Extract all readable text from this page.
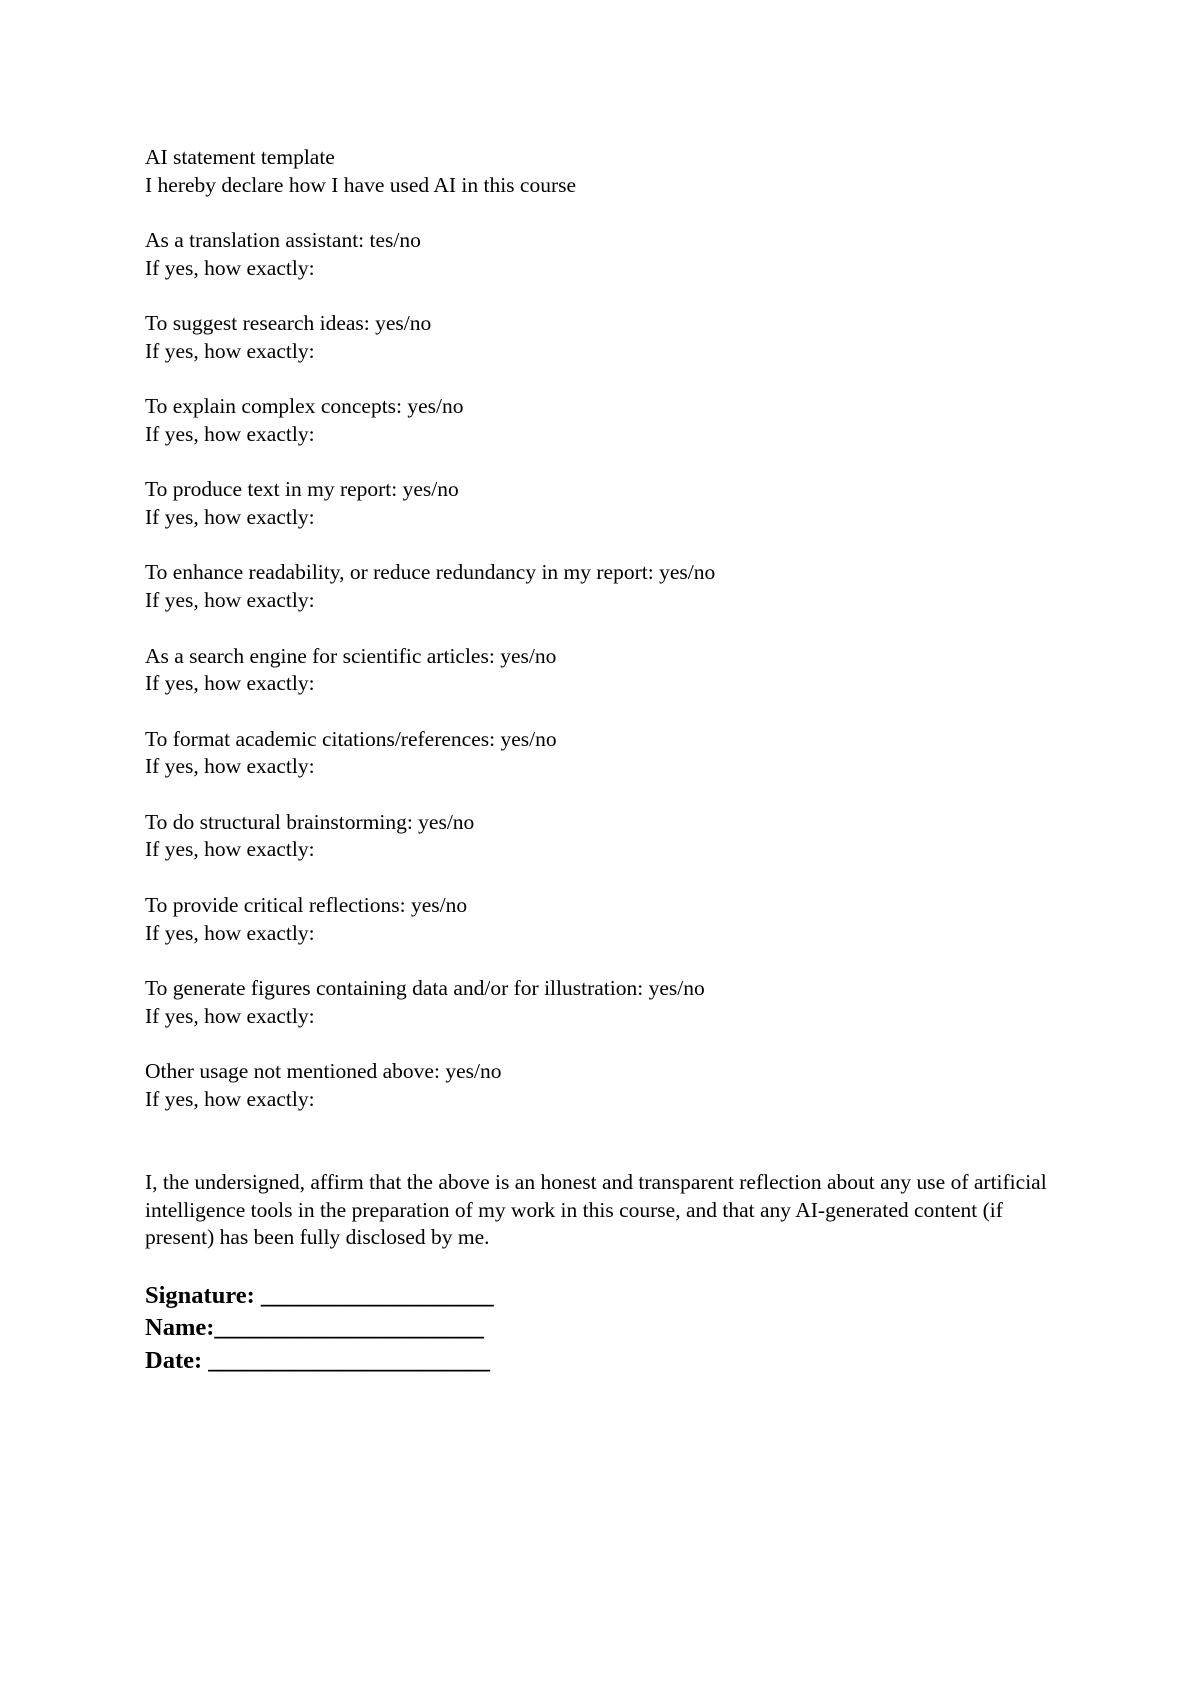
AI statement template
I hereby declare how I have used AI in this course
As a translation assistant: tes/no
If yes, how exactly:
To suggest research ideas: yes/no
If yes, how exactly:
To explain complex concepts: yes/no
If yes, how exactly:
To produce text in my report: yes/no
If yes, how exactly:
To enhance readability, or reduce redundancy in my report: yes/no
If yes, how exactly:
As a search engine for scientific articles: yes/no
If yes, how exactly:
To format academic citations/references: yes/no
If yes, how exactly:
To do structural brainstorming: yes/no
If yes, how exactly:
To provide critical reflections: yes/no
If yes, how exactly:
To generate figures containing data and/or for illustration: yes/no
If yes, how exactly:
Other usage not mentioned above: yes/no
If yes, how exactly:
I, the undersigned, affirm that the above is an honest and transparent reflection about any use of artificial intelligence tools in the preparation of my work in this course, and that any AI-generated content (if present) has been fully disclosed by me.
Signature: ___________________
Name:______________________
Date: _______________________
